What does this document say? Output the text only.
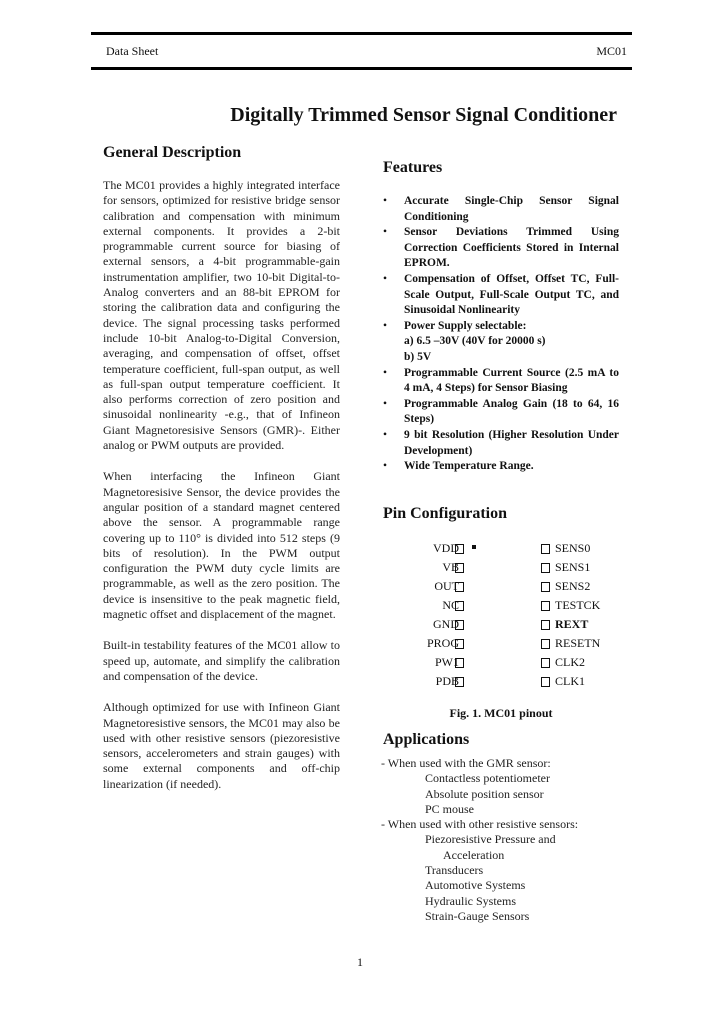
Data Sheet	MC01
Digitally Trimmed Sensor Signal Conditioner
General Description

The MC01 provides a highly integrated interface for sensors, optimized for resistive bridge sensor calibration and compensation with minimum external components. It provides a 2-bit programmable current source for biasing of external sensors, a 4-bit programmable-gain instrumentation amplifier, two 10-bit Digital-to-Analog converters and an 88-bit EPROM for storing the calibration data and configuring the device. The signal processing tasks performed include 10-bit Analog-to-Digital Conversion, averaging, and compensation of offset, offset temperature coefficient, full-span output, as well as full-span output temperature coefficient. It also performs correction of zero position and sinusoidal nonlinearity -e.g., that of Infineon Giant Magnetoresisive Sensors (GMR)-. Either analog or PWM outputs are provided.

When interfacing the Infineon Giant Magnetoresisive Sensor, the device provides the angular position of a standard magnet centered above the sensor. A programmable range covering up to 110° is divided into 512 steps (9 bits of resolution). In the PWM output configuration the PWM duty cycle limits are programmable, as well as the zero position. The device is insensitive to the peak magnetic field, magnetic offset and displacement of the magnet.

Built-in testability features of the MC01 allow to speed up, automate, and simplify the calibration and compensation of the device.

Although optimized for use with Infineon Giant Magnetoresistive sensors, the MC01 may also be used with other resistive sensors (piezoresistive sensors, accelerometers and strain gauges) with some external components and off-chip linearization (if needed).

Features
• Accurate Single-Chip Sensor Signal Conditioning
• Sensor Deviations Trimmed Using Correction Coefficients Stored in Internal EPROM.
• Compensation of Offset, Offset TC, Full-Scale Output, Full-Scale Output TC, and Sinusoidal Nonlinearity
• Power Supply selectable:
a) 6.5 –30V (40V for 20000 s)
b) 5V
• Programmable Current Source (2.5 mA to 4 mA, 4 Steps) for Sensor Biasing
• Programmable Analog Gain (18 to 64, 16 Steps)
• 9 bit Resolution (Higher Resolution Under Development)
• Wide Temperature Range.
Pin Configuration
VDD	SENS0
VB	SENS1
OUT	SENS2
NC	TESTCK
GND	REXT
PROG	RESETN
PW1	CLK2
PDB	CLK1
Fig. 1. MC01 pinout
Applications
- When used with the GMR sensor:
Contactless potentiometer
Absolute position sensor
PC mouse
- When used with other resistive sensors:
Piezoresistive Pressure and
Acceleration
Transducers
Automotive Systems
Hydraulic Systems
Strain-Gauge Sensors
1
